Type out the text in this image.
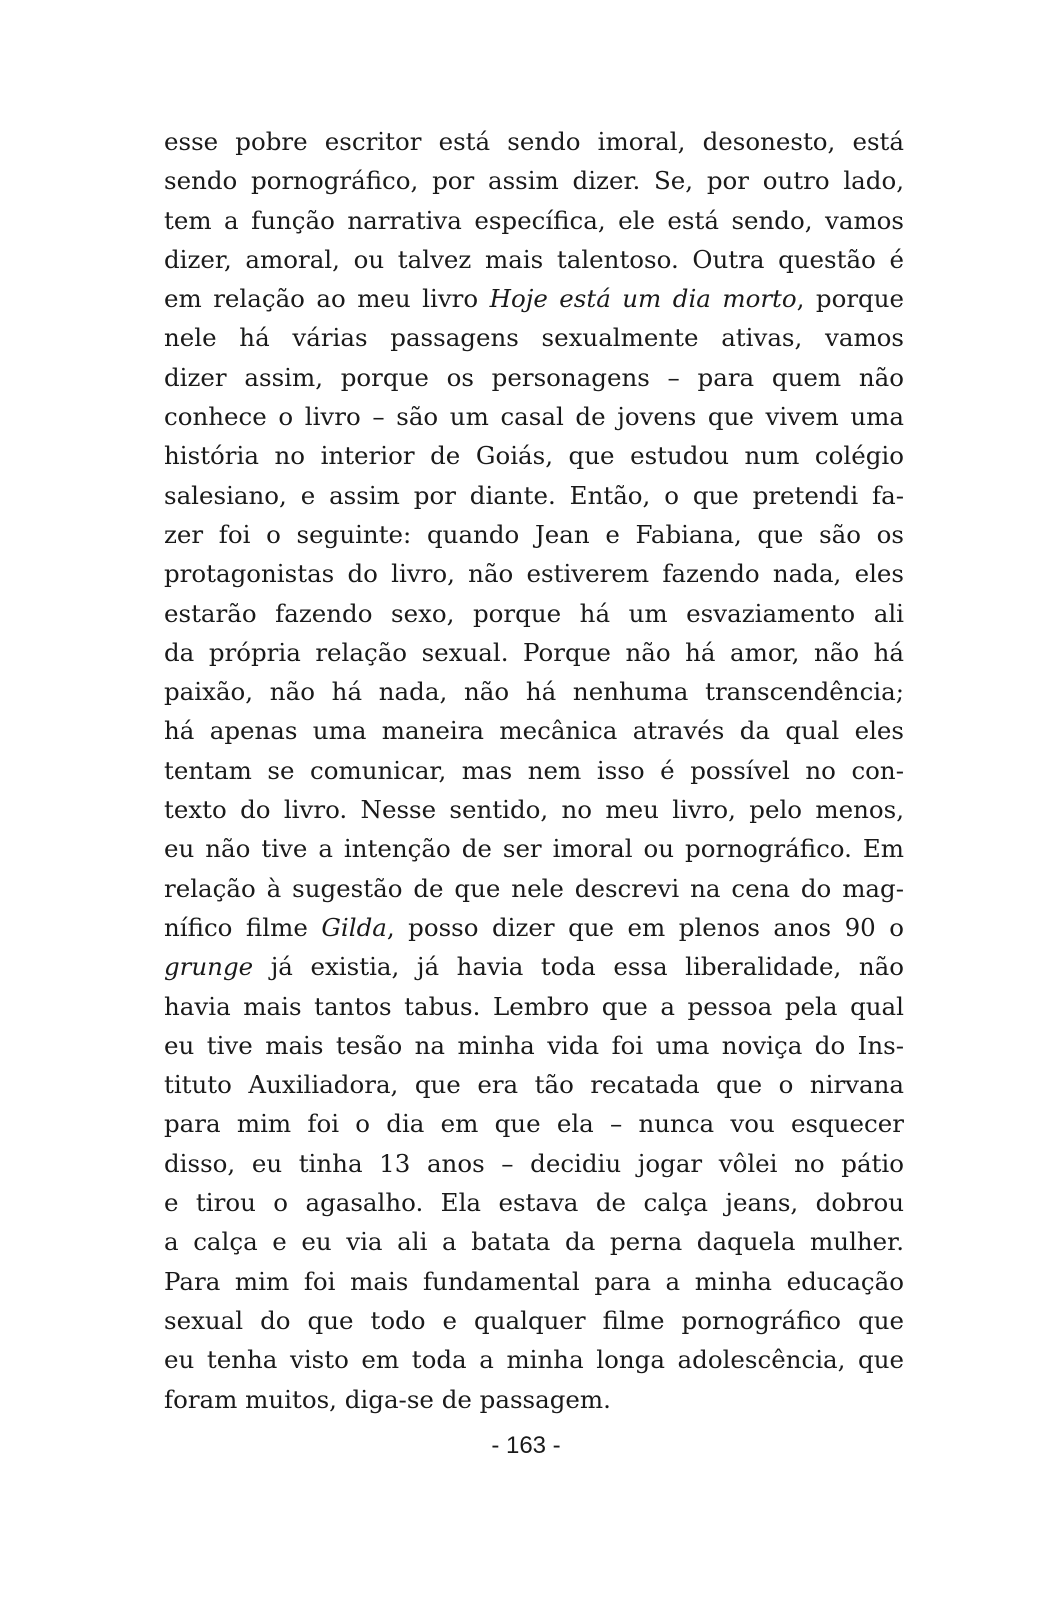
esse pobre escritor está sendo imoral, desonesto, está
sendo pornográfico, por assim dizer. Se, por outro lado,
tem a função narrativa específica, ele está sendo, vamos
dizer, amoral, ou talvez mais talentoso. Outra questão é
em relação ao meu livro Hoje está um dia morto, porque
nele há várias passagens sexualmente ativas, vamos
dizer assim, porque os personagens – para quem não
conhece o livro – são um casal de jovens que vivem uma
história no interior de Goiás, que estudou num colégio
salesiano, e assim por diante. Então, o que pretendi fa-
zer foi o seguinte: quando Jean e Fabiana, que são os
protagonistas do livro, não estiverem fazendo nada, eles
estarão fazendo sexo, porque há um esvaziamento ali
da própria relação sexual. Porque não há amor, não há
paixão, não há nada, não há nenhuma transcendência;
há apenas uma maneira mecânica através da qual eles
tentam se comunicar, mas nem isso é possível no con-
texto do livro. Nesse sentido, no meu livro, pelo menos,
eu não tive a intenção de ser imoral ou pornográfico. Em
relação à sugestão de que nele descrevi na cena do mag-
nífico filme Gilda, posso dizer que em plenos anos 90 o
grunge já existia, já havia toda essa liberalidade, não
havia mais tantos tabus. Lembro que a pessoa pela qual
eu tive mais tesão na minha vida foi uma noviça do Ins-
tituto Auxiliadora, que era tão recatada que o nirvana
para mim foi o dia em que ela – nunca vou esquecer
disso, eu tinha 13 anos – decidiu jogar vôlei no pátio
e tirou o agasalho. Ela estava de calça jeans, dobrou
a calça e eu via ali a batata da perna daquela mulher.
Para mim foi mais fundamental para a minha educação
sexual do que todo e qualquer filme pornográfico que
eu tenha visto em toda a minha longa adolescência, que
foram muitos, diga-se de passagem.
- 163 -
